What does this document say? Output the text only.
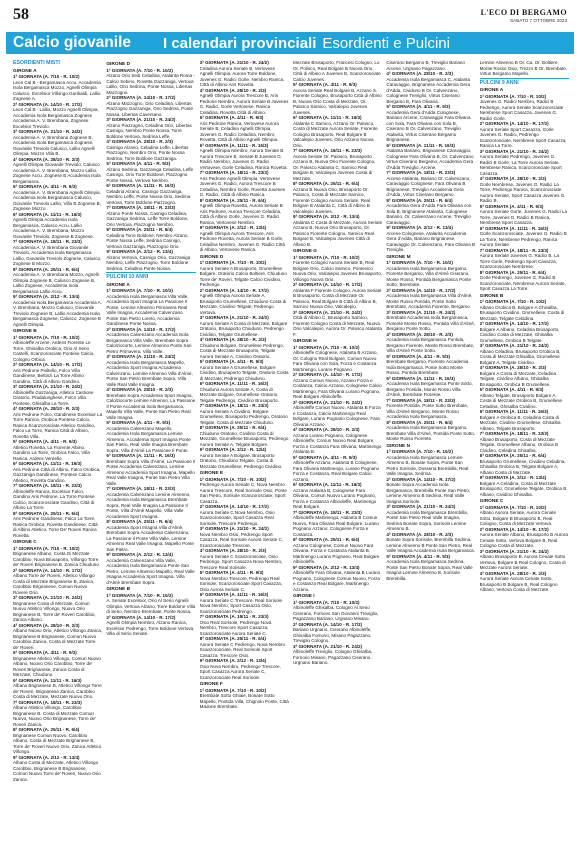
58	L'ECO DI BERGAMO
SABATO 7 OTTOBRE 2023
Calcio giovanile	I calendari provinciali Esordienti e Pulcini
ESORDIENTI MISTI
GIRONE A
1ª GIORNATA (A. 7/10 - R. 10/2)
Leon Cal B - Bergamasca Accu. Accademia Isola Bergamasca Mozzo, Agnelli Olimpia Calusco, Excelsior Villongo Garibaldi, Lallio Zognese A.
2ª GIORNATA (A. 14/10 - R. 17/2)
Leon Cal B - Lallio, Mozzo Agnelli Olimpia, Accademia Isola Bergamasca Zognese Accademia A. V. Brembana, Zognese Excelsior Treviolo.
3ª GIORNATA (A. 21/10 - R. 24/2)
Accademia A. V. Brembana Zognese B, Accademia Isola Bergamasca Zognese, Giovanile Treviolo Calusco, Lallio Agnelli Olimpia, Mozzo Villa B.
4ª GIORNATA (A. 28/10 - R. 2/3)
Agnelli Olimpia Giovanile Treviolo, Calusco Accademia A. V. Brembana, Mozzo Lallio, Zognese Accu. Zognese B Accademia Isola Bergamasca.
5ª GIORNATA (A. 4/11 - R. 9/3)
Accademia A. V. Brembana Agnelli Olimpia, Accademia Isola Bergamasca Calusco, Giovanile Treviolo Lallio, Villa B Zognese B, Zognese Mozzo.
6ª GIORNATA (A. 11/11 - R. 16/3)
Agnelli Olimpia Accademia Isola Bergamasca, Calusco Accu. Lallio Accademia A. V. Brembana, Mozzo Giovanile Treviolo, Zognese B Zognese.
7ª GIORNATA (A. 18/11 - R. 23/3)
Accademia A. V. Brembana Giovanile Treviolo, Accademia Isola Bergamasca Lallio, Giovanile Treviolo Zognese, Calusco, Zognese B Mozzo.
8ª GIORNATA (A. 25/11 - R. 6/4)
Accademia A. V. Brembana Mozzo, Agnelli Olimpia Zognese B, Calusco Zognese B, Lallio Zognese, Accademia Isola Bergamasca Lallio Accu.
9ª GIORNATA (A. 2/12 - R. 13/4)
Accademia Isola Bergamasca Accademia A. V. Brembana, Mozzo Calusco, Giovanile Treviolo Zognese B, Lallio Accademia Isola Bergamasca Zognese, Calusco, Zognese B Agnelli Olimpia.
GIRONE B
1ª GIORNATA (A. 7/10 - R. 10/2)
Albinoleffe Arcene, Ardens Fiorente Le Torre, Ghisalba Orobica, Orio Al Serio Castelli, Scanzorosciate Pontese Calcio, Cologno Orbica.
2ª GIORNATA (A. 14/10 - R. 17/2)
Aris Pedrone Pioltello, Folco Villa Gandinese, Bettinzi La Torre Albino Gandino, Città di Albino Gandino.
3ª GIORNATA (A. 21/10 - R. 24/2)
Albinoleffe Gazzaniga, Atletico Castione Oratorio, Pradalunghese, Folco Villa Pontese, Ghisalba La Torre.
4ª GIORNATA (A. 28/10 - R. 2/3)
Aris Pedrone Folco, Gandinese Excelsior La Torre Ranica, Orobica Pontese Calcio, Ranica Scanzorosciate Atletico Gandino, Falco La Torre, Ranica Città di Albino, Rovetta Villa.
5ª GIORNATA (A. 4/11 - R. 9/3)
Atletico Rovetta, La Fiorente Albino, Gandino La Torre, Orobica Falco, Villa Ranica, Ardens Verdello.
6ª GIORNATA (A. 11/11 - R. 16/3)
Aris Pedrone Città di Albino, Falco Orobica, Gazzaniga Gandinese, Pontese Calcio Atletico, Rovetta Gandino.
7ª GIORNATA (A. 18/11 - R. 23/3)
Albinoleffe Ranica, Excelsior Falco, Gandino Aris Pedrone, La Torre Pontese Calcio, Scanzorosciate Gandino, Città di Albino La Torre.
8ª GIORNATA (A. 25/11 - R. 6/4)
Aris Pedrone Gandinese, Falco La Torre, Ranica Orobica, Rovetta Gandinese, Città di Albino Atletico, Torre De' Roveri Ranica Rovetta.
GIRONE C
1ª GIORNATA (A. 7/10 - R. 10/2)
Brignanese Albano, Costa Di Mezzate Carobbio, Nova Brusaporto, Villongo Torre de' Roveri Brignanese B, Zanica Chiuduno.
2ª GIORNATA (A. 14/10 - R. 17/2)
Albano Torre de' Roveri, Atletico Villongo Costa di Mezzate Brignanese B, Zanica, Carobbio Brignanese, Comun Nuovo Rovere Orio.
3ª GIORNATA (A. 21/10 - R. 24/2)
Brignanese Costa di Mezzate, Comun Nuovo Atletico Villongo, Nuovo Orio Brignanese B, Torre de' Roveri Carobbio, Zanica Albano.
4ª GIORNATA (A. 28/10 - R. 2/3)
Albano Nuovo Orio, Atletico Villongo Zanica, Brignanese B Brignanese, Comun Nuovo Carobbio Zanica, Costa di Mezzate Torre de' Roveri.
5ª GIORNATA (A. 4/11 - R. 9/3)
Brignanese Atletico Villongo, Comun Nuovo Albano, Nuovo Orio Carobbio, Torre de' Roveri Brignanese, Zanica Costa di Mezzate, Chiuduno.
6ª GIORNATA (A. 11/11 - R. 16/3)
Albano Brignanese B, Atletico Villongo Torre de' Roveri, Brignanese Zanica, Carobbio Costa di Mezzate, Mezzate Nuovo Orio.
7ª GIORNATA (A. 18/11 - R. 23/3)
Albano Atletico Villongo, Carobbio Brignanese B, Costa di Mezzate Comun Nuovo, Nuovo Orio Brignanese, Torre de' Roveri Zanica.
8ª GIORNATA (A. 25/11 - R. 6/4)
Brignanese Comun Nuovo, Carobbio Albano, Costa di Mezzate Brignanese B, Torre de' Roveri Nuovo Orio, Zanica Atletico Villongo.
9ª GIORNATA (A. 2/12 - R. 13/4)
Albano Costa di Mezzate, Atletico Villongo Carobbio, Brignanese B Brignanese, Comun Nuovo Torre de' Roveri, Nuovo Orio Zanica.
GIRONE D
1ª GIORNATA (A. 7/10 - R. 10/2)
Alzano Orio Sedi Celadina, Atalanta Roma - Calcio Sebino, Rovetta Gazzaniga, Vertova Lallio, Orio Sedrina, Ponte Nossa, Libertas Mazzogno.
2ª GIORNATA (A. 14/10 - R. 17/2)
Alzano Mazzogno, Orio Celadina, Libertas Piazzogno Gazzaniga, Orio Sedrina, Ponte Nossa, Libertas Caversano.
3ª GIORNATA (A. 21/10 - R. 24/2)
Alzano Piazzogno, Celadina Orio, Libertas Casnigo, Nembro Ponte Nossa, Torre Boldone Vertova, Sedrina Leffe.
4ª GIORNATA (A. 28/10 - R. 2/3)
Casnigo Alzano, Celadina Leffe, Libertas Piazzogno, Nembro Orio, Ponte Nossa Sedrina, Torre Boldone Gazzaniga.
5ª GIORNATA (A. 4/11 - R. 9/3)
Alzano Sedrina, Gazzaniga Celadina, Leffe Casnigo, Orio Torre Boldone, Piazzogno Ponte Nossa, Vertova Nembro.
6ª GIORNATA (A. 11/11 - R. 16/3)
Celadina Alzano, Casnigo Gazzaniga, Nembro Leffe, Ponte Nossa Orio, Sedrina Vertova, Torre Boldone Piazzogno.
7ª GIORNATA (A. 18/11 - R. 23/3)
Alzano Ponte Nossa, Casnigo Celadina, Gazzaniga Sedrina, Leffe Torre Boldone, Orio Vertova, Piazzogno Nembro.
8ª GIORNATA (A. 25/11 - R. 6/4)
Celadina Torre Boldone, Nembro Alzano, Ponte Nossa Leffe, Sedrina Casnigo, Vertova Gazzaniga, Piazzogno Orio.
9ª GIORNATA (A. 2/12 - R. 13/4)
Alzano Vertova, Casnigo Orio, Gazzaniga Nembro, Leffe Piazzogno, Torre Boldone Sedrina, Celadina Ponte Nossa.
PULCINI 10 ANNI
GIRONE A
1ª GIORNATA (A. 7/10 - R. 10/2)
Accademia Isola Bergamasca Villa Valle, Accademia Sport Imagna La Passione Il Ponte, Lemine Almenno Primavera Real Valle Imagna, Accademia Calvenzano Ponte San Pietro Loreto, Accademia Gandinese Ponte Nossa.
2ª GIORNATA (A. 14/10 - R. 17/2)
Accademia Calvenzano Accademia Isola Bergamasca Villa Valle, Brembate Sopra Calolziocorte, Lemine Almenno Ponte San Pietro Primavera, Villa Valle.
3ª GIORNATA (A. 21/10 - R. 24/2)
Accademia Isola Bergamasca Mapello, Accademia Sport Imagna Accademia Calvenzano, Lemine Almenno Villa d'Almè, Ponte San Pietro Brembate Sopra, Villa Valle Real Valle Imagna.
4ª GIORNATA (A. 28/10 - R. 2/3)
Brembate Sopra Accademia Sport Imagna, Calolziocorte Lemine Almenno, La Passione Il Ponte Accademia Isola Bergamasca, Mapello Villa Valle, Ponte San Pietro Real Valle Imagna.
5ª GIORNATA (A. 4/11 - R. 9/3)
Accademia Calvenzano Mapello, Accademia Isola Bergamasca Lemine Almenno, Accademia Sport Imagna Ponte San Pietro, Real Valle Imagna Brembate Sopra, Villa d'Almè La Passione Il Ponte.
6ª GIORNATA (A. 11/11 - R. 16/3)
Brembate Sopra Villa d'Almè, La Passione Il Ponte Accademia Calvenzano, Lemine Almenno Accademia Sport Imagna, Mapello Real Valle Imagna, Ponte San Pietro Villa Valle.
7ª GIORNATA (A. 18/11 - R. 23/3)
Accademia Calvenzano Lemine Almenno, Accademia Isola Bergamasca Brembate Sopra, Real Valle Imagna La Passione Il Ponte, Villa d'Almè Mapello, Villa Valle Accademia Sport Imagna.
8ª GIORNATA (A. 25/11 - R. 6/4)
Accademia Sport Imagna Villa d'Almè, Brembate Sopra Accademia Calvenzano, La Passione Il Ponte Villa Valle, Lemine Almenno Real Valle Imagna, Mapello Ponte San Pietro.
9ª GIORNATA (A. 2/12 - R. 13/4)
Accademia Calvenzano Villa Valle, Accademia Isola Bergamasca Ponte San Pietro, Lemine Almenno Mapello, Real Valle Imagna Accademia Sport Imagna, Villa d'Almè Brembate Sopra.
GIRONE B
1ª GIORNATA (A. 7/10 - R. 10/2)
A. Seriate Excelsior, Orio Al Serio Agnelli Olimpia, Vertova Alzano, Torre Boldone Villa di Serio, Nembro Brembate, Ponte Nossa.
2ª GIORNATA (A. 14/10 - R. 17/2)
Agnelli Olimpia Nembro, Alzano Ranica, Excelsior Pedrengo, Torre Boldone Vertova, Villa di Serio Seriate.
3ª GIORNATA (A. 21/10 - R. 24/2)
Celadina Aurora Seriate B, Vertovese Agnelli Olimpia, Aurora Torre Boldone, Juvenes G. Radici Gorle, Nembro Ranica, Città di Albino Aris Rovetta.
4ª GIORNATA (A. 28/10 - R. 2/3)
Agnelli Olimpia Aurora Trescore B, Aris Pedrone Nembro, Aurora Seriate B Juvenes G. Radici, Gorle Vertovese, Ranica Celadina, Rovetta Città di Albino.
5ª GIORNATA (A. 4/11 - R. 9/3)
Aris Pedrone Ranica, Vertovese Aurora Seriate B, Celadina Agnelli Olimpia, Juvenes G. Radici Celadina, Nembro Rovetta, Città di Albino Agnelli Olimpia.
6ª GIORNATA (A. 11/11 - R. 16/3)
Agnelli Olimpia Nembro, Aurora Seriate B Aurora Trescore B, Seriate B Juvenes G. Radici Nembro, Juvenes G. Radici Vertovese, Gorle Celadina, Ranica Rovetta.
7ª GIORNATA (A. 18/11 - R. 23/3)
Aris Pedrone Agnelli Olimpia, Vertovese Juvenes G. Radici, Aurora Trescore B Celadina, Nembro Gorle, Rovetta Juvenes G. Radici, Città di Albino Ranica.
8ª GIORNATA (A. 25/11 - R. 6/4)
Agnelli Olimpia Rovetta, Aurora Seriate B Aris Pedrone, Aurora Trescore Celadina, Città di Albino Gorle, Juvenes G. Radici Ranica, Vertovese Nembro.
9ª GIORNATA (A. 2/12 - R. 13/4)
Agnelli Olimpia Aurora Trescore, Aris Pedrone Rovetta, Aurora Seriate B Gorle, Celadina Nembro, Juvenes G. Radici Città di Albino, Vertovese Ranica.
GIRONE D
1ª GIORNATA (A. 7/10 - R. 10/2)
Aurora Seriate A Brusaporto, Grumellese Bolgare, Oratorio Calcio Boltiere, Chiuduno Torre de' Roveri, Telgate Calcio Cividino, Pedrengo.
2ª GIORNATA (A. 14/10 - R. 17/2)
Agnelli Olimpia Aurora Seriate A, Brusaporto Grumellese, Chiuduno Costa di Mezzate, Cividino Telgate, Pedrengo Vertova.
3ª GIORNATA (A. 21/10 - R. 24/2)
Aurora Seriate A Costa di Mezzate, Bolgare Oratorio, Brusaporto Chiuduno, Pedrengo Cividino, Telgate Grumellese.
4ª GIORNATA (A. 28/10 - R. 2/3)
Chiuduno Bolgare, Grumellese Pedrengo, Costa di Mezzate Brusaporto, Telgate Aurora Seriate A, Cividino Oratorio.
5ª GIORNATA (A. 4/11 - R. 9/3)
Aurora Seriate A Grumellese, Bolgare Cividino, Brusaporto Telgate, Oratorio Costa di Mezzate, Pedrengo Chiuduno.
6ª GIORNATA (A. 11/11 - R. 16/3)
Chiuduno Aurora Seriate A, Costa di Mezzate Bolgare, Grumellese Oratorio, Telgate Pedrengo, Cividino Brusaporto.
7ª GIORNATA (A. 18/11 - R. 23/3)
Aurora Seriate A Cividino, Bolgare Grumellese, Brusaporto Pedrengo, Oratorio Telgate, Costa di Mezzate Chiuduno.
8ª GIORNATA (A. 25/11 - R. 6/4)
Chiuduno Oratorio, Cividino Costa di Mezzate, Grumellese Brusaporto, Pedrengo Aurora Seriate A, Telgate Bolgare.
9ª GIORNATA (A. 2/12 - R. 13/4)
Aurora Seriate A Bolgare, Brusaporto Oratorio, Chiuduno Telgate, Costa di Mezzate Grumellese, Pedrengo Cividino.
GIRONE E
1ª GIORNATA (A. 7/10 - R. 10/2)
Pedrengo Aurora Seriate C, Nova Nembro Aurora Trescore, Real Sorisole Osio, Ponte San Pietro, Sorisole Scanzorosciate, Sport Casazza.
2ª GIORNATA (A. 14/10 - R. 17/2)
Aurora Seriate C Nova Nembro, Osio Scanzorosciate, Sport Casazza Real Sorisole, Trescore Pedrengo.
3ª GIORNATA (A. 21/10 - R. 24/2)
Nova Nembro Osio, Pedrengo Sport Casazza, Real Sorisole Aurora Seriate C, Scanzorosciate Trescore.
4ª GIORNATA (A. 28/10 - R. 2/3)
Aurora Seriate C Scanzorosciate, Osio Pedrengo, Sport Casazza Nova Nembro, Trescore Real Sorisole.
5ª GIORNATA (A. 4/11 - R. 9/3)
Nova Nembro Trescore, Pedrengo Real Sorisole, Scanzorosciate Sport Casazza, Osio Aurora Seriate C.
6ª GIORNATA (A. 11/11 - R. 16/3)
Aurora Seriate C Trescore, Real Sorisole Nova Nembro, Sport Casazza Osio, Scanzorosciate Pedrengo.
7ª GIORNATA (A. 18/11 - R. 23/3)
Osio Real Sorisole, Pedrengo Nova Nembro, Trescore Sport Casazza, Scanzorosciate Aurora Seriate C.
8ª GIORNATA (A. 25/11 - R. 6/4)
Aurora Seriate C Pedrengo, Nova Nembro Scanzorosciate, Real Sorisole Sport Casazza, Trescore Osio.
9ª GIORNATA (A. 2/12 - R. 13/4)
Osio Nova Nembro, Pedrengo Trescore, Sport Casazza Aurora Seriate C, Scanzorosciate Real Sorisole.
GIRONE F
1ª GIORNATA (A. 7/10 - R. 10/2)
Brembate Sotto Ghiaie, Bonate Sotto Mapello, Pontida Villa, Chignolo Ponte, Città Madone Brembate.
Mezzate Brusaporto, Francesi Cologno, Lo Or. Polisco, Real Bolgare B Nuova Orio, Città di Albino A Juvenes B, Scanzorosciate Calcio Juvenes.
5ª GIORNATA (A. 4/11 - R. 9/3)
Aurora Seriate Real Bolgare B, Azzano S. Fiorente Cologno, Brusaporto Città di Albino B, Nuova Orio Costa di Mezzate, Or. Palosco Sarnico, Valcalepio Juvenes Juvenes.
6ª GIORNATA (A. 11/11 - R. 16/3)
Atalanta C Sarnico, Azzano Or. Palosco, Costa di Mezzate Aurora Seriate, Fiorente Cologno Brusaporto, Real Bolgare B Valcalepio Juvenes, Orio Azzano Nuova Orio.
7ª GIORNATA (A. 18/11 - R. 23/3)
Aurora Seriate Or. Palosco, Brusaporto Azzano B, Nuova Orio Fiorente Cologno, Or. Palosco Atalanta C, Sarnico Real Bolgare B, Valcalepio Juvenes Costa di Mezzate.
8ª GIORNATA (A. 25/11 - R. 6/4)
Azzano B Nuova Orio, Brusaporto Or. Palosco, Costa di Mezzate Sarnico, Fiorente Cologno Aurora Seriate, Real Bolgare B Atalanta C, Città di Albino B Valcalepio Juvenes.
9ª GIORNATA (A. 2/12 - R. 13/4)
Atalanta C Costa di Mezzate, Aurora Seriate Azzano B, Nuova Orio Brusaporto, Or. Palosco Fiorente Cologno, Sarnico Real Bolgare B, Valcalepio Juvenes Città di Albino B.
GIRONE G
1ª GIORNATA (A. 7/10 - R. 10/2)
Fiorente Cologno Aurora Seriate B, Real Bolgare Orio, Calcio Sarnico, Pontevico Nuova Orio, Valcalepio Juvenes Brusaporto, Villongo Nuova Orio.
2ª GIORNATA (A. 14/10 - R. 17/2)
Atalanta F Fiorente Cologno, Aurora Seriate B Brusaporto, Costa di Mezzate Or. Palosco, Real Bolgare B Città di Albino B, Sarnico Nuova Orio, Valcalepio.
3ª GIORNATA (A. 21/10 - R. 24/2)
Città di Albino C, Brusaporto Sarnico, Fiorente Cologno Costa di Mezzate, Nuova Orio Valcalepio, Aurora Or. Palosco Atalanta F.
GIRONE H
1ª GIORNATA (A. 7/10 - R. 10/2)
Albinoleffe Colognese, Atalanta B Azzano, Or. Cologno Real Bolgare, Comun Nuovo Fara Olivana con Sola, Forza e Costanza Martinengo, Lurano Pognano.
2ª GIORNATA (A. 14/10 - R. 17/2)
Azzano Comun Nuovo, Azzano Forza e Costanza, Calcio Azzano, Colognese Calcio Martinengo, Fara Olivana Lurano Pognano, Real Bolgare Albinoleffe.
3ª GIORNATA (A. 21/10 - R. 24/2)
Albinoleffe Comun Nuovo, Atalanta B Forza e Costanza, Calcio Martinengo Real Bolgare, Lurano Pognano Colognese, Fara Olivana Azzano.
4ª GIORNATA (A. 28/10 - R. 2/3)
Azzano Lurano Pognano, Colognese Albinoleffe, Comun Nuovo Real Bolgare, Forza e Costanza Fara Olivana, Martinengo Atalanta B.
5ª GIORNATA (A. 4/11 - R. 9/3)
Albinoleffe Azzano, Atalanta B Colognese, Fara Olivana Martinengo, Lurano Pognano Forza e Costanza, Real Bolgare Calcio Azzano.
6ª GIORNATA (A. 11/11 - R. 16/3)
Azzano Atalanta B, Colognese Fara Olivana, Comun Nuovo Lurano Pognano, Forza e Costanza Albinoleffe, Martinengo Real Bolgare.
7ª GIORNATA (A. 18/11 - R. 23/3)
Albinoleffe Martinengo, Atalanta B Comun Nuovo, Fara Olivana Real Bolgare, Lurano Pognano Azzano, Colognese Forza e Costanza.
8ª GIORNATA (A. 25/11 - R. 6/4)
Azzano Colognese, Comun Nuovo Fara Olivana, Forza e Costanza Atalanta B, Martinengo Lurano Pognano, Real Bolgare Albinoleffe.
9ª GIORNATA (A. 2/12 - R. 13/4)
Albinoleffe Fara Olivana, Atalanta B Lurano Pognano, Colognese Comun Nuovo, Forza e Costanza Real Bolgare, Martinengo Azzano.
GIRONE I
1ª GIORNATA (A. 7/10 - R. 10/2)
Albinoleffe Ghisalba, Cologno Al Serio Ciserano, Fornovo San Giovanni Treviglio, Pagazzano Bariano, Urgnano Misano.
2ª GIORNATA (A. 14/10 - R. 17/2)
Bariano Urgnano, Ciserano Albinoleffe, Ghisalba Fornovo, Misano Pagazzano, Treviglio Cologno.
3ª GIORNATA (A. 21/10 - R. 24/2)
Albinoleffe Treviglio, Cologno Ghisalba, Fornovo Misano, Pagazzano Ciserano, Urgnano Bariano.
Ciserano Bergamo B, Treviglio Bariano Arcene, Urgnano Pagazzano.
4ª GIORNATA (A. 28/10 - R. 2/3)
Accademia Isola Bergamasca C, Atalanta Caravaggio, Brignanese Accademia Gera d'Adda, Cividuno B Or. Calvenzano, Colognese Treviglio, Virtus Ciserano Bergamo B, Fara Olivana.
5ª GIORNATA (A. 4/11 - R. 9/3)
Accademia Gera d'Adda Colognese, Bariano Arcene, Caravaggio Fara Olivana con Sola, Fara Olivana con Sola B, Ciserano B Or. Calvenzano, Treviglio Atalanta, Virtus Ciserano Bergamo Brignanese.
6ª GIORNATA (A. 11/11 - R. 16/3)
Atalanta Bariano, Brignanese Caravaggio, Colognese Fara Olivana B, Or. Calvenzano Virtus Ciserano Bergamo, Accademia Gera d'Adda Treviglio, Arcene.
7ª GIORNATA (A. 18/11 - R. 23/3)
Arcene Atalanta, Bariano Or. Calvenzano, Caravaggio Colognese, Fara Olivana B Brignanese, Treviglio Accademia Gera d'Adda, Virtus Ciserano Bergamo.
8ª GIORNATA (A. 25/11 - R. 6/4)
Accademia Gera d'Adda Fara Olivana con Sola B, Brignanese Atalanta, Colognese Bariano, Or. Calvenzano Arcene, Treviglio Caravaggio.
9ª GIORNATA (A. 2/12 - R. 13/4)
Arcene Colognese, Atalanta Accademia Gera d'Adda, Bariano Brignanese, Caravaggio Or. Calvenzano, Fara Olivana B Treviglio.
GIRONE M
1ª GIORNATA (A. 7/10 - R. 10/2)
Accademia Isola Bergamasca Bergamo, Fiorente Bergamo, Villa d'Almè Ciserano, Monte Rosso, Pontida Bergamasca Ponte Sotto, Brembate.
2ª GIORNATA (A. 14/10 - R. 17/2)
Accademia Isola Bergamasca Villa d'Almè, Monte Rosso Pontida, Ponte Sotto Brembate, Accademia Fiorente, Bergamo.
3ª GIORNATA (A. 21/10 - R. 24/2)
Brembate Accademia Isola Bergamasca, Fiorente Monte Rosso, Pontida Villa d'Almè, Bergamo Ponte Sotto.
4ª GIORNATA (A. 28/10 - R. 2/3)
Accademia Isola Bergamasca Pontida, Bergamo Fiorente, Monte Rosso Brembate, Villa d'Almè Ponte Sotto.
5ª GIORNATA (A. 4/11 - R. 9/3)
Brembate Bergamo, Fiorente Accademia Isola Bergamasca, Ponte Sotto Monte Rosso, Pontida Brembate.
6ª GIORNATA (A. 11/11 - R. 16/3)
Accademia Isola Bergamasca Ponte Sotto, Bergamo Pontida, Monte Rosso Villa d'Almè, Brembate Fiorente.
7ª GIORNATA (A. 18/11 - R. 23/3)
Fiorente Pontida, Ponte Sotto Brembate, Villa d'Almè Bergamo, Monte Rosso Accademia Isola Bergamasca.
8ª GIORNATA (A. 25/11 - R. 6/4)
Accademia Isola Bergamasca Bergamo, Brembate Villa d'Almè, Pontida Ponte Sotto, Monte Rosso Fiorente.
GIRONE N
1ª GIORNATA (A. 7/10 - R. 10/2)
Accademia Isola Bergamasca Lemine Almenno B, Bonate Sopra, Ponte San Pietro Sorisole, Dossena Brembilla, Real Valle Imagna, Sedrina.
2ª GIORNATA (A. 14/10 - R. 17/2)
Bonate Sopra Accademia Isola Bergamasca, Brembilla Ponte San Pietro, Lemine Almenno B Sedrina, Real Valle Imagna Sorisole.
3ª GIORNATA (A. 21/10 - R. 24/2)
Accademia Isola Bergamasca Brembilla, Ponte San Pietro Real Valle Imagna, Sedrina Bonate Sopra, Sorisole Lemine Almenno B.
4ª GIORNATA (A. 28/10 - R. 2/3)
Bonate Sopra Sorisole, Brembilla Sedrina, Lemine Almenno B Ponte San Pietro, Real Valle Imagna Accademia Isola Bergamasca.
5ª GIORNATA (A. 4/11 - R. 9/3)
Accademia Isola Bergamasca Sedrina, Ponte San Pietro Bonate Sopra, Real Valle Imagna Lemine Almenno B, Sorisole Brembilla.
Lemine Almenno B Or. Ca. Or. Boltiere, Monte Rosso Osio, Trezzo B Or. Brembate, Virtus Bergamo Mapello.
PULCINI 9 ANNI
GIRONE A
1ª GIORNATA (A. 7/10 - R. 10/2)
Juvenes G. Radici Nembro, Radici B Pedrengo, Aurora Seriate Scanzorosciate Nembrese Sport Casazza, Juvenes G. Radici Gorle.
2ª GIORNATA (A. 14/10 - R. 17/2)
Aurora Seriate Sport Casazza, Gorle Juvenes G. Radici, Pedrengo Scanzorosciate, Nembrese Sport Casazza, Ranica La Torre.
3ª GIORNATA (A. 21/10 - R. 24/2)
Aurora Seriate Pedrengo, Juvenes G. Radici B Gorle, La Torre Aurora Seriate, Nembrese Ranica, Scanzorosciate Sport Casazza.
4ª GIORNATA (A. 28/10 - R. 2/3)
Gorle Nembrese, Juvenes G. Radici La Torre, Pedrengo Ranica, Scanzorosciate Aurora Seriate, Sport Casazza Juvenes G. Radici B.
5ª GIORNATA (A. 4/11 - R. 9/3)
Aurora Seriate Gorle, Juvenes G. Radici La Torre, Juvenes G. Radici B Ranica, Nembrese Sport Casazza.
6ª GIORNATA (A. 11/11 - R. 16/3)
Gorle Scanzorosciate, Juvenes G. Radici B La Torre, Nembrese Pedrengo, Ranica Aurora Seriate.
7ª GIORNATA (A. 18/11 - R. 23/3)
Aurora Seriate Juvenes G. Radici B, La Torre Gorle, Pedrengo Sport Casazza, Scanzorosciate Nembrese.
8ª GIORNATA (A. 25/11 - R. 6/4)
Gorle Pedrengo, Juvenes G. Radici B Scanzorosciate, Nembrese Aurora Seriate, Sport Casazza La Torre.
GIRONE B
1ª GIORNATA (A. 7/10 - R. 10/2)
Albano Orobica B, Bolgare A Ghisalba, Brusaporto Cividino, Grumellese, Costa di Mezzate, Telgate Celadina.
2ª GIORNATA (A. 14/10 - R. 17/2)
Bolgare A Albano, Celadina Brusaporto, Cividino Costa di Mezzate, Ghisalba Grumellese, Orobica B Telgate.
3ª GIORNATA (A. 21/10 - R. 24/2)
Albano Celadina, Brusaporto Orobica B, Costa di Mezzate Ghisalba, Grumellese Bolgare A, Telgate Cividino.
4ª GIORNATA (A. 28/10 - R. 2/3)
Bolgare A Costa di Mezzate, Celadina Telgate, Cividino Albano, Ghisalba Brusaporto, Orobica B Grumellese.
5ª GIORNATA (A. 4/11 - R. 9/3)
Albano Telgate, Brusaporto Bolgare A, Costa di Mezzate Orobica B, Grumellese Celadina, Ghisalba Cividino.
6ª GIORNATA (A. 11/11 - R. 16/3)
Bolgare A Orobica B, Celadina Costa di Mezzate, Cividino Grumellese, Ghisalba Albano, Telgate Brusaporto.
7ª GIORNATA (A. 18/11 - R. 23/3)
Albano Brusaporto, Costa di Mezzate Telgate, Grumellese Albano, Orobica B Cividino, Celadina Ghisalba.
8ª GIORNATA (A. 25/11 - R. 6/4)
Brusaporto Grumellese, Cividino Celadina, Ghisalba Orobica B, Telgate Bolgare A, Albano Costa di Mezzate.
9ª GIORNATA (A. 2/12 - R. 13/4)
Bolgare A Celadina, Costa di Mezzate Brusaporto, Grumellese Telgate, Orobica B Albano, Cividino Ghisalba.
GIRONE C
1ª GIORNATA (A. 7/10 - R. 10/2)
Albano Aurora Seriate, Aurora Cenate Sotto, Bolgare B Brusaporto B, Real Cologno, Costa di Mezzate Vertova.
2ª GIORNATA (A. 14/10 - R. 17/2)
Aurora Seriate Albano, Brusaporto B Aurora Cenate Sotto, Vertova Bolgare B, Real Cologno Costa di Mezzate.
3ª GIORNATA (A. 21/10 - R. 24/2)
Albano Brusaporto B, Aurora Cenate Sotto Vertova, Bolgare B Real Cologno, Costa di Mezzate Aurora Seriate.
4ª GIORNATA (A. 28/10 - R. 2/3)
Aurora Seriate Aurora Cenate Sotto, Brusaporto B Bolgare B, Real Cologno Albano, Vertova Costa di Mezzate.
